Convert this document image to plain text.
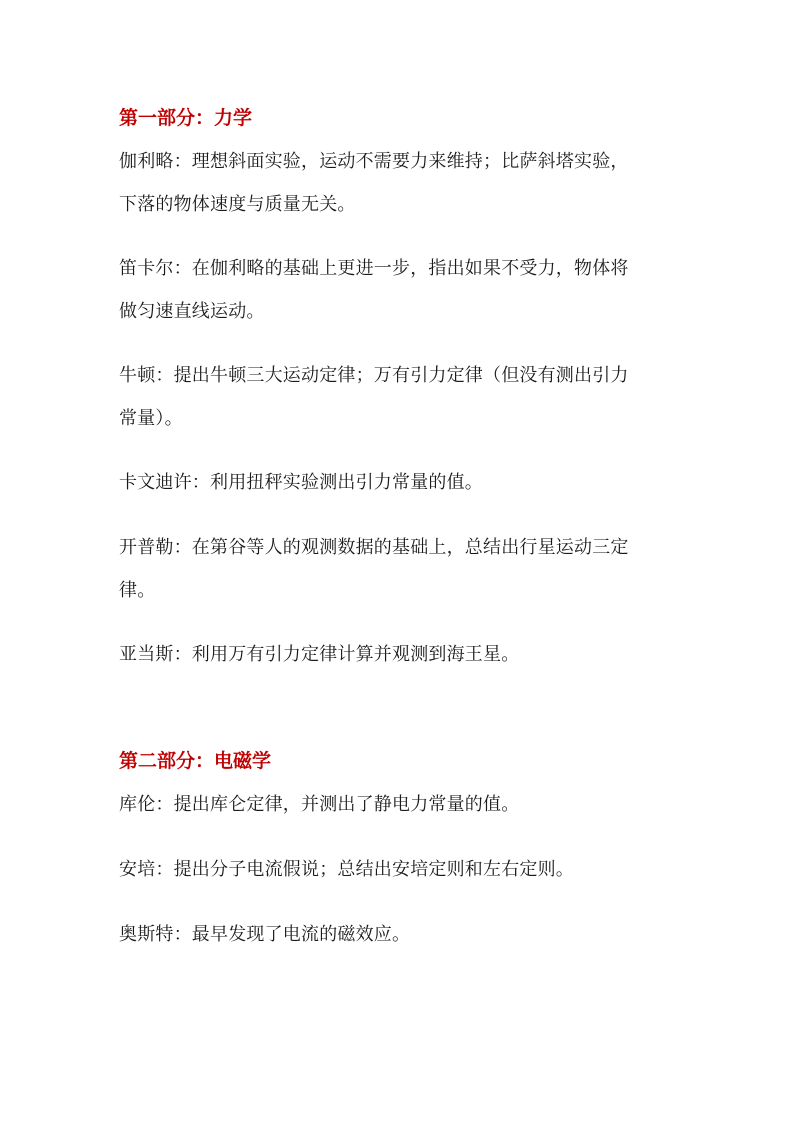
第一部分：力学
伽利略：理想斜面实验，运动不需要力来维持；比萨斜塔实验，
下落的物体速度与质量无关。
笛卡尔：在伽利略的基础上更进一步，指出如果不受力，物体将
做匀速直线运动。
牛顿：提出牛顿三大运动定律；万有引力定律（但没有测出引力
常量）。
卡文迪许：利用扭秤实验测出引力常量的值。
开普勒：在第谷等人的观测数据的基础上，总结出行星运动三定
律。
亚当斯：利用万有引力定律计算并观测到海王星。
第二部分：电磁学
库伦：提出库仑定律，并测出了静电力常量的值。
安培：提出分子电流假说；总结出安培定则和左右定则。
奥斯特：最早发现了电流的磁效应。
